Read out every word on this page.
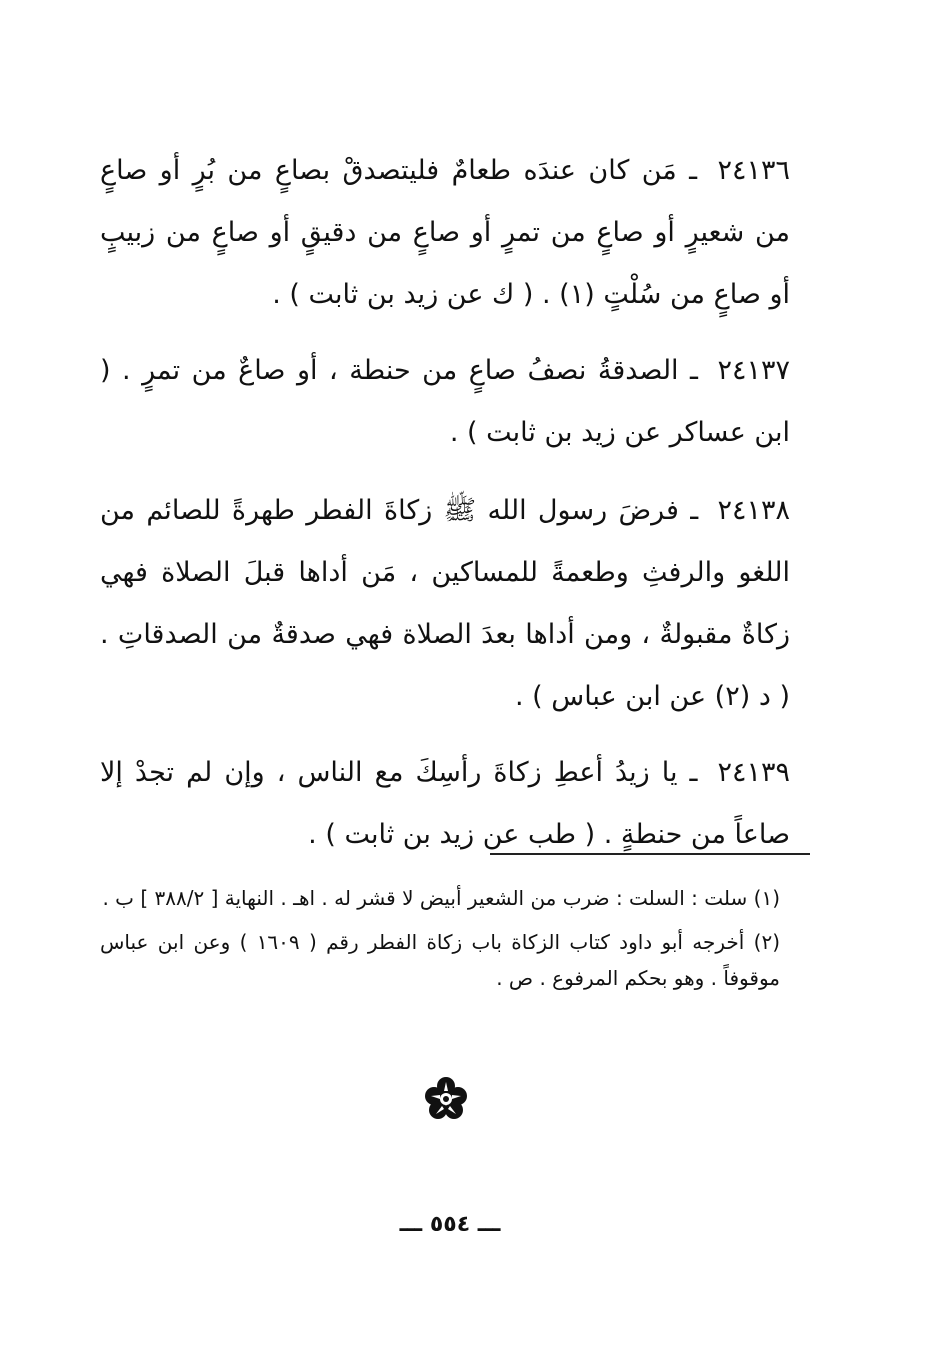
٢٤١٣٦ ـ مَن كان عندَه طعامٌ فليتصدقْ بصاعٍ من بُرٍ أو صاعٍ من شعيرٍ أو صاعٍ من تمرٍ أو صاعٍ من دقيقٍ أو صاعٍ من زبيبٍ أو صاعٍ من سُلْتٍ (١) . ( ك عن زيد بن ثابت ) .

٢٤١٣٧ ـ الصدقةُ نصفُ صاعٍ من حنطة ، أو صاعٌ من تمرٍ . ( ابن عساكر عن زيد بن ثابت ) .

٢٤١٣٨ ـ فرضَ رسول الله ﷺ زكاةَ الفطر طهرةً للصائم من اللغو والرفثِ وطعمةً للمساكين ، مَن أداها قبلَ الصلاة فهي زكاةٌ مقبولةٌ ، ومن أداها بعدَ الصلاة فهي صدقةٌ من الصدقاتِ . ( د (٢) عن ابن عباس ) .

٢٤١٣٩ ـ يا زيدُ أعطِ زكاةَ رأسِكَ مع الناس ، وإن لم تجدْ إلا صاعاً من حنطةٍ . ( طب عن زيد بن ثابت ) .

(١) سلت : السلت : ضرب من الشعير أبيض لا قشر له . اهـ . النهاية [ ٣٨٨/٢ ] ب .

(٢) أخرجه أبو داود كتاب الزكاة باب زكاة الفطر رقم ( ١٦٠٩ ) وعن ابن عباس موقوفاً . وهو بحكم المرفوع . ص .

ـــ ٥٥٤ ـــ
